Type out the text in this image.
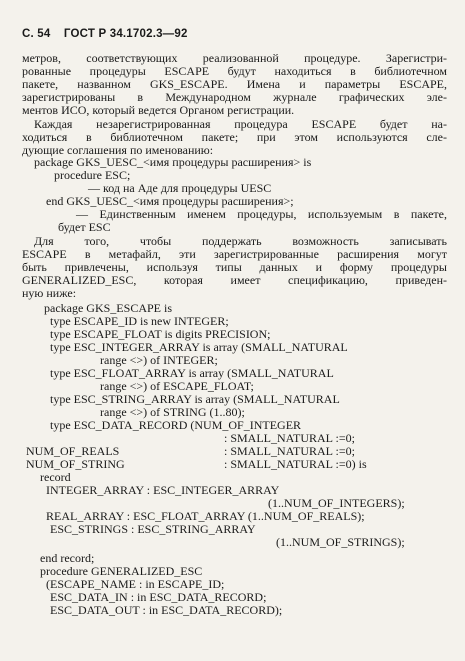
С. 54 ГОСТ Р 34.1702.3—92
метров, соответствующих реализованной процедуре. Зарегистри-
рованные процедуры ESCAPE будут находиться в библиотечном
пакете, названном GKS_ESCAPE. Имена и параметры ESCAPE,
зарегистрированы в Международном журнале графических эле-
ментов ИСО, который ведется Органом регистрации.
Каждая незарегистрированная процедура ESCAPE будет на-
ходиться в библиотечном пакете; при этом используются сле-
дующие соглашения по именованию:
package GKS_UESC_<имя процедуры расширения> is
procedure ESC;
— код на Аде для процедуры UESC
end GKS_UESC_<имя процедуры расширения>;
— Единственным именем процедуры, используемым в пакете,
будет ESC
Для того, чтобы поддержать возможность записывать
ESCAPE в метафайл, эти зарегистрированные расширения могут
быть привлечены, используя типы данных и форму процедуры
GENERALIZED_ESC, которая имеет спецификацию, приведен-
ную ниже:
package GKS_ESCAPE is
type ESCAPE_ID is new INTEGER;
type ESCAPE_FLOAT is digits PRECISION;
type ESC_INTEGER_ARRAY is array (SMALL_NATURAL
range <>) of INTEGER;
type ESC_FLOAT_ARRAY is array (SMALL_NATURAL
range <>) of ESCAPE_FLOAT;
type ESC_STRING_ARRAY is array (SMALL_NATURAL
range <>) of STRING (1..80);
type ESC_DATA_RECORD (NUM_OF_INTEGER
: SMALL_NATURAL :=0;
NUM_OF_REALS	: SMALL_NATURAL :=0;
NUM_OF_STRING	: SMALL_NATURAL :=0) is
record
INTEGER_ARRAY : ESC_INTEGER_ARRAY
(1..NUM_OF_INTEGERS);
REAL_ARRAY : ESC_FLOAT_ARRAY (1..NUM_OF_REALS);
ESC_STRINGS : ESC_STRING_ARRAY
(1..NUM_OF_STRINGS);
end record;
procedure GENERALIZED_ESC
(ESCAPE_NAME : in ESCAPE_ID;
ESC_DATA_IN : in ESC_DATA_RECORD;
ESC_DATA_OUT : in ESC_DATA_RECORD);
